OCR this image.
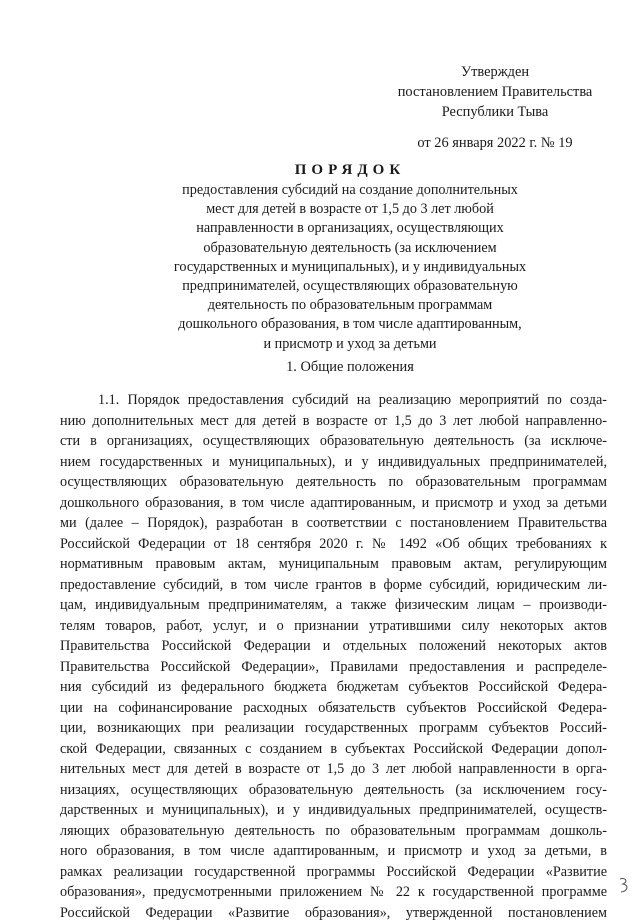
Утвержден
постановлением Правительства
Республики Тыва
от 26 января 2022 г. № 19
ПОРЯДОК
предоставления субсидий на создание дополнительных
мест для детей в возрасте от 1,5 до 3 лет любой
направленности в организациях, осуществляющих
образовательную деятельность (за исключением
государственных и муниципальных), и у индивидуальных
предпринимателей, осуществляющих образовательную
деятельность по образовательным программам
дошкольного образования, в том числе адаптированным,
и присмотр и уход за детьми
1. Общие положения
1.1. Порядок предоставления субсидий на реализацию мероприятий по созда-
нию дополнительных мест для детей в возрасте от 1,5 до 3 лет любой направленно-
сти в организациях, осуществляющих образовательную деятельность (за исключе-
нием государственных и муниципальных), и у индивидуальных предпринимателей,
осуществляющих образовательную деятельность по образовательным программам
дошкольного образования, в том числе адаптированным, и присмотр и уход за детьми
ми (далее – Порядок), разработан в соответствии с постановлением Правительства
Российской Федерации от 18 сентября 2020 г. № 1492 «Об общих требованиях к
нормативным правовым актам, муниципальным правовым актам, регулирующим
предоставление субсидий, в том числе грантов в форме субсидий, юридическим ли-
цам, индивидуальным предпринимателям, а также физическим лицам – производи-
телям товаров, работ, услуг, и о признании утратившими силу некоторых актов
Правительства Российской Федерации и отдельных положений некоторых актов
Правительства Российской Федерации», Правилами предоставления и распределе-
ния субсидий из федерального бюджета бюджетам субъектов Российской Федера-
ции на софинансирование расходных обязательств субъектов Российской Федера-
ции, возникающих при реализации государственных программ субъектов Россий-
ской Федерации, связанных с созданием в субъектах Российской Федерации допол-
нительных мест для детей в возрасте от 1,5 до 3 лет любой направленности в орга-
низациях, осуществляющих образовательную деятельность (за исключением госу-
дарственных и муниципальных), и у индивидуальных предпринимателей, осуществ-
ляющих образовательную деятельность по образовательным программам дошколь-
ного образования, в том числе адаптированным, и присмотр и уход за детьми, в
рамках реализации государственной программы Российской Федерации «Развитие
образования», предусмотренными приложением № 22 к государственной программе
Российской Федерации «Развитие образования», утвержденной постановлением
